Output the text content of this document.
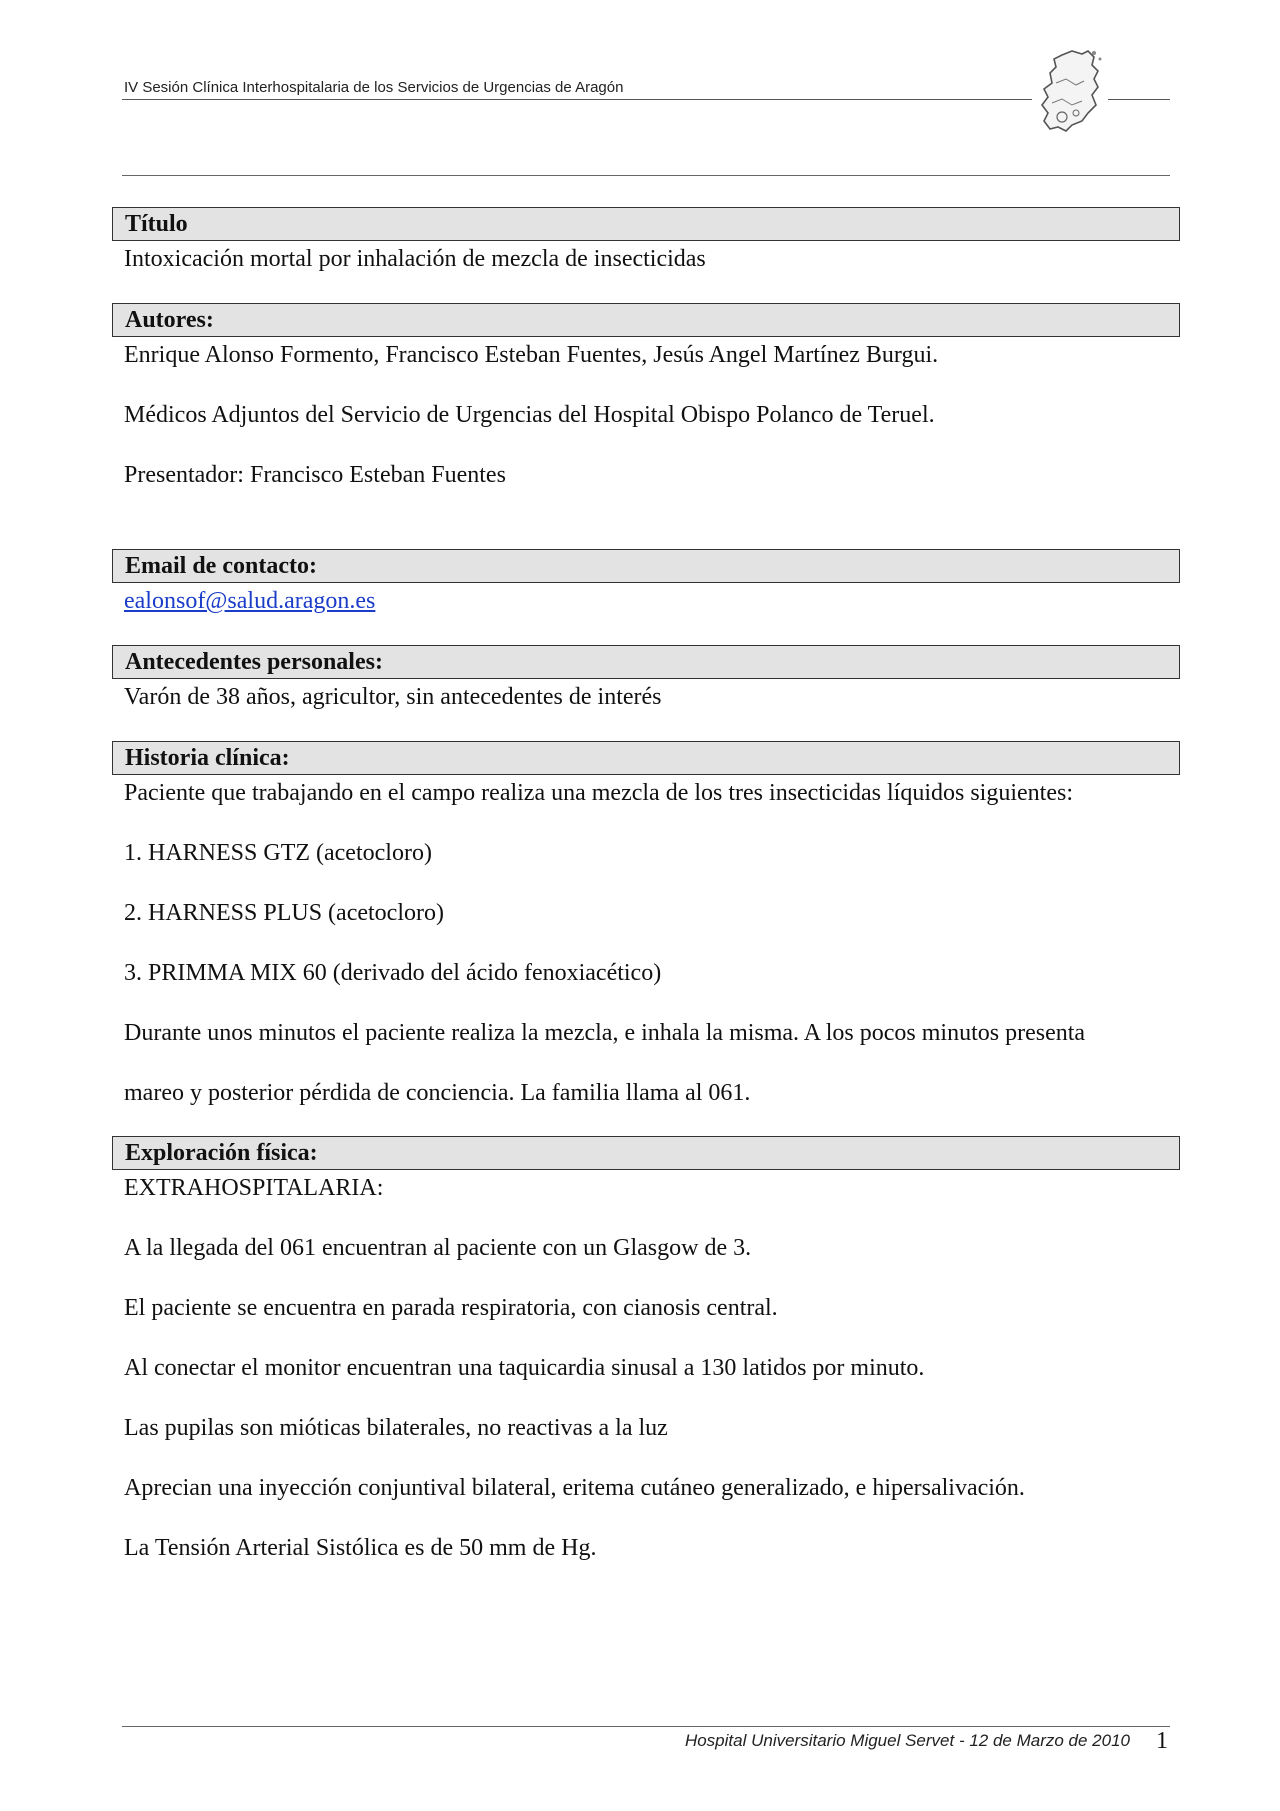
IV Sesión Clínica Interhospitalaria de los Servicios de Urgencias de Aragón
Título
Intoxicación mortal por inhalación de mezcla de insecticidas
Autores:
Enrique Alonso Formento, Francisco Esteban Fuentes, Jesús Angel Martínez Burgui.
Médicos Adjuntos del Servicio de Urgencias del Hospital Obispo Polanco de Teruel.
Presentador: Francisco Esteban Fuentes
Email de contacto:
ealonsof@salud.aragon.es
Antecedentes personales:
Varón de 38 años, agricultor, sin antecedentes de interés
Historia clínica:
Paciente que trabajando en el campo realiza una mezcla de los tres insecticidas líquidos siguientes:
1. HARNESS GTZ (acetocloro)
2. HARNESS PLUS (acetocloro)
3. PRIMMA MIX 60 (derivado del ácido fenoxiacético)
Durante unos minutos el paciente realiza la mezcla, e inhala la misma. A los pocos minutos presenta
mareo y posterior pérdida de conciencia. La familia llama al 061.
Exploración física:
EXTRAHOSPITALARIA:
A la llegada del 061 encuentran al paciente con un Glasgow de 3.
El paciente se encuentra en parada respiratoria, con cianosis central.
Al conectar el monitor encuentran una taquicardia sinusal a 130 latidos por minuto.
Las pupilas son mióticas bilaterales, no reactivas a la luz
Aprecian una inyección conjuntival bilateral, eritema cutáneo generalizado, e hipersalivación.
La Tensión Arterial Sistólica es de 50 mm de Hg.
Hospital Universitario Miguel Servet - 12 de Marzo de 2010 1
